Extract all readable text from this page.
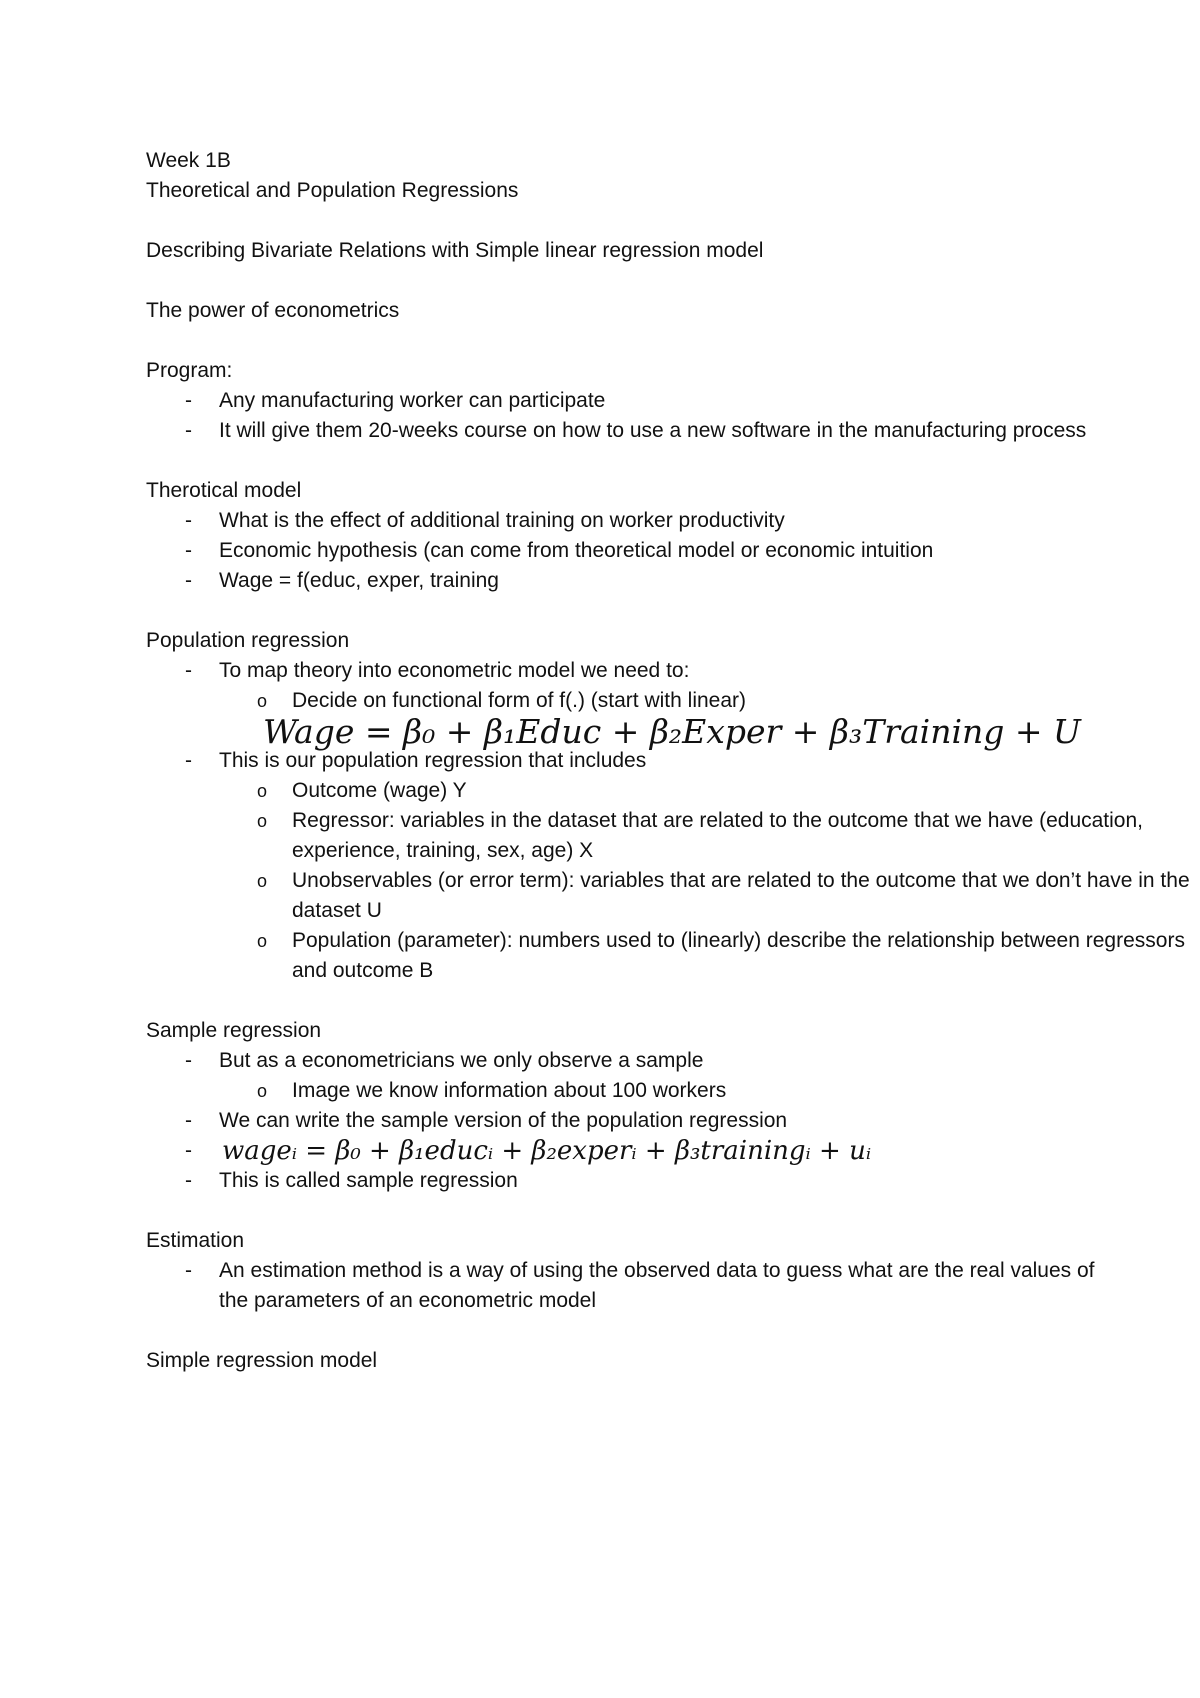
Week 1B

Theoretical and Population Regressions

Describing Bivariate Relations with Simple linear regression model

The power of econometrics

Program:

- Any manufacturing worker can participate
- It will give them 20-weeks course on how to use a new software in the manufacturing process

Therotical model

- What is the effect of additional training on worker productivity
- Economic hypothesis (can come from theoretical model or economic intuition
- Wage = f(educ, exper, training

Population regression

- To map theory into econometric model we need to:
o Decide on functional form of f(.) (start with linear)
Wage = β₀ + β₁Educ + β₂Exper + β₃Training + U
- This is our population regression that includes
o Outcome (wage) Y
o Regressor: variables in the dataset that are related to the outcome that we have (education, experience, training, sex, age) X
o Unobservables (or error term): variables that are related to the outcome that we don’t have in the dataset U
o Population (parameter): numbers used to (linearly) describe the relationship between regressors and outcome B

Sample regression

- But as a econometricians we only observe a sample
o Image we know information about 100 workers
- We can write the sample version of the population regression
- wageᵢ = β₀ + β₁educᵢ + β₂experᵢ + β₃trainingᵢ + uᵢ
- This is called sample regression

Estimation

- An estimation method is a way of using the observed data to guess what are the real values of the parameters of an econometric model

Simple regression model
